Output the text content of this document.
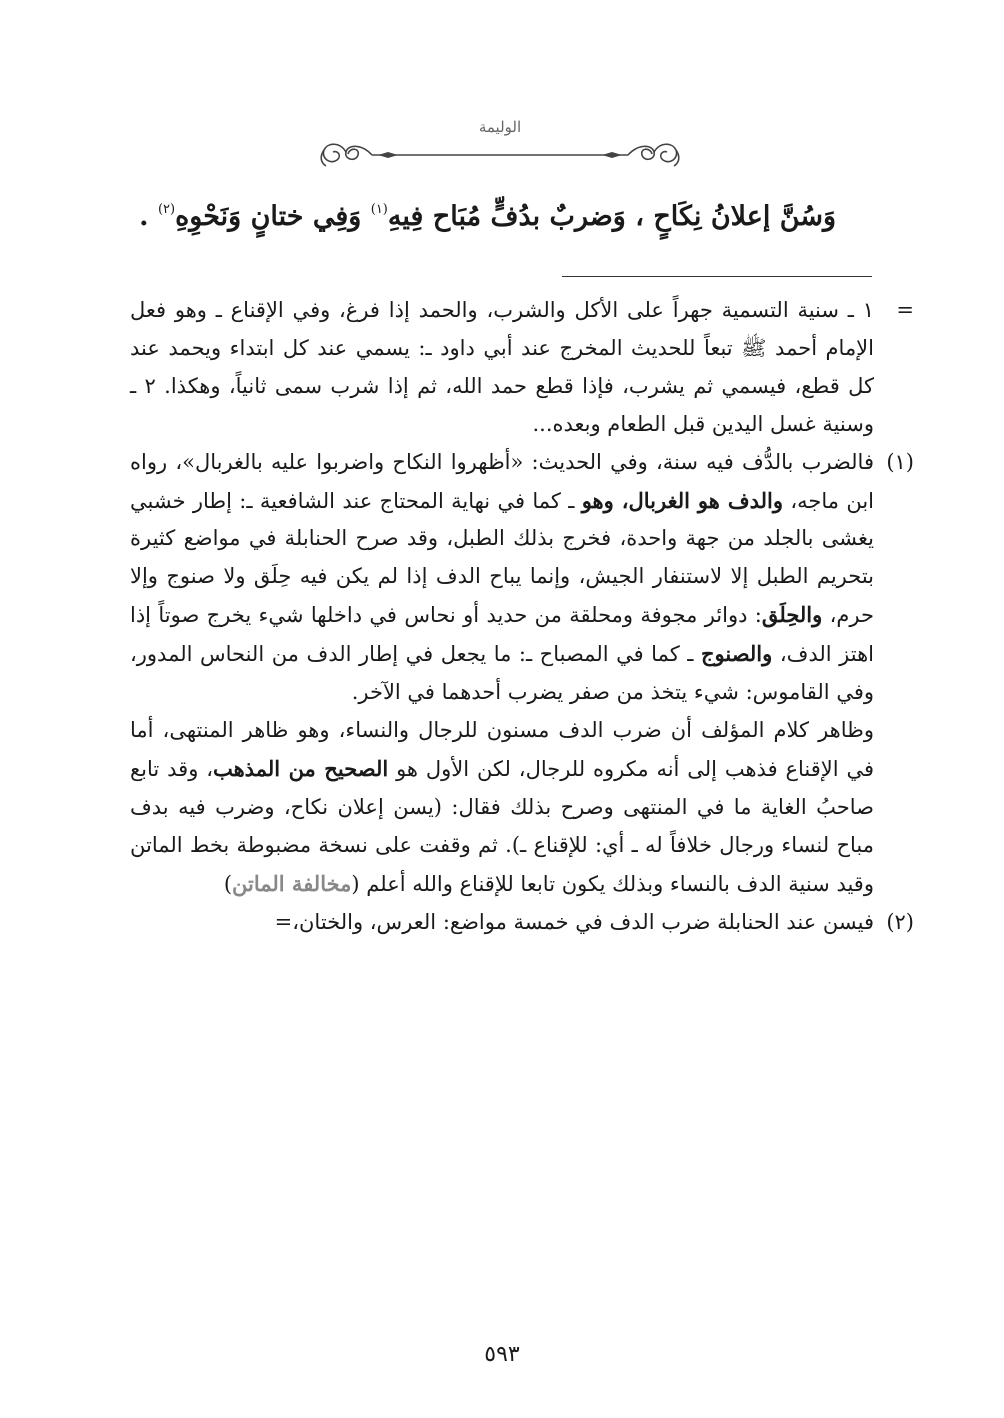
الوليمة
وَسُنَّ إعلانُ نِكَاحٍ ، وَضربٌ بدُفٍّ مُبَاح فِيهِ$^{(١)}$ وَفِي ختانٍ وَنَحْوِهِ$^{(٢)}$ .
=
١ ـ سنية التسمية جهراً على الأكل والشرب، والحمد إذا فرغ، وفي الإقناع ـ وهو فعل الإمام أحمد ﷺ تبعاً للحديث المخرج عند أبي داود ـ: يسمي عند كل ابتداء ويحمد عند كل قطع، فيسمي ثم يشرب، فإذا قطع حمد الله، ثم إذا شرب سمى ثانياً، وهكذا. ٢ ـ وسنية غسل اليدين قبل الطعام وبعده...
(١)
فالضرب بالدُّف فيه سنة، وفي الحديث: «أظهروا النكاح واضربوا عليه بالغربال»، رواه ابن ماجه، والدف هو الغربال، وهو ـ كما في نهاية المحتاج عند الشافعية ـ: إطار خشبي يغشى بالجلد من جهة واحدة، فخرج بذلك الطبل، وقد صرح الحنابلة في مواضع كثيرة بتحريم الطبل إلا لاستنفار الجيش، وإنما يباح الدف إذا لم يكن فيه حِلَق ولا صنوج وإلا حرم، والحِلَق: دوائر مجوفة ومحلقة من حديد أو نحاس في داخلها شيء يخرج صوتاً إذا اهتز الدف، والصنوج ـ كما في المصباح ـ: ما يجعل في إطار الدف من النحاس المدور، وفي القاموس: شيء يتخذ من صفر يضرب أحدهما في الآخر.
وظاهر كلام المؤلف أن ضرب الدف مسنون للرجال والنساء، وهو ظاهر المنتهى، أما في الإقناع فذهب إلى أنه مكروه للرجال، لكن الأول هو الصحيح من المذهب، وقد تابع صاحبُ الغاية ما في المنتهى وصرح بذلك فقال: (يسن إعلان نكاح، وضرب فيه بدف مباح لنساء ورجال خلافاً له ـ أي: للإقناع ـ). ثم وقفت على نسخة مضبوطة بخط الماتن وقيد سنية الدف بالنساء وبذلك يكون تابعا للإقناع والله أعلم (مخالفة الماتن)
(٢)
فيسن عند الحنابلة ضرب الدف في خمسة مواضع: العرس، والختان،=
٥٩٣
